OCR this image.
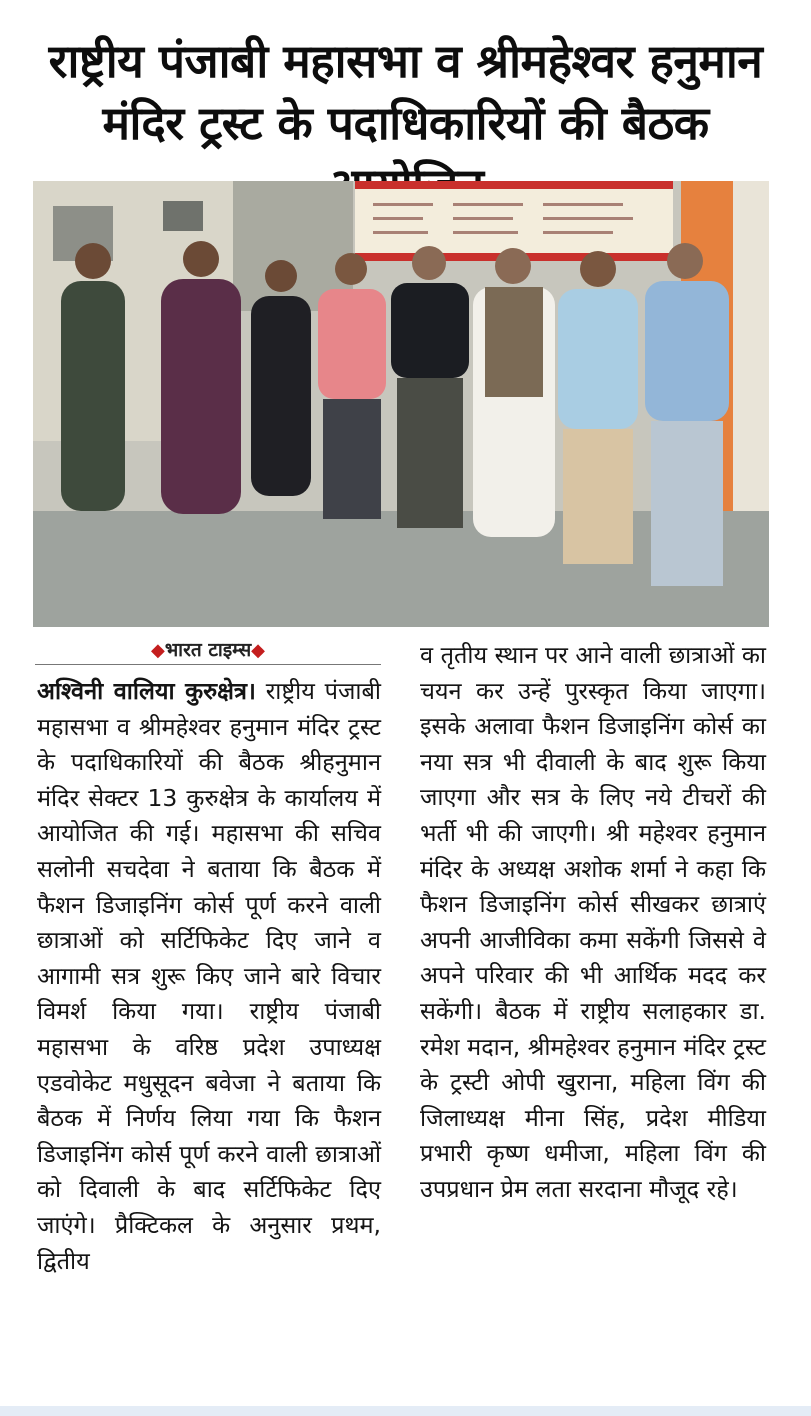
राष्ट्रीय पंजाबी महासभा व श्रीमहेश्वर हनुमान
मंदिर ट्रस्ट के पदाधिकारियों की बैठक
◆भारत टाइम्स◆

अश्विनी वालिया कुरुक्षेत्र। राष्ट्रीय पंजाबी महासभा व श्रीमहेश्वर हनुमान मंदिर ट्रस्ट के पदाधिकारियों की बैठक श्रीहनुमान मंदिर सेक्टर 13 कुरुक्षेत्र के कार्यालय में आयोजित की गई। महासभा की सचिव सलोनी सचदेवा ने बताया कि बैठक में फैशन डिजाइनिंग कोर्स पूर्ण करने वाली छात्राओं को सर्टिफिकेट दिए जाने व आगामी सत्र शुरू किए जाने बारे विचार विमर्श किया गया। राष्ट्रीय पंजाबी महासभा के वरिष्ठ प्रदेश उपाध्यक्ष एडवोकेट मधुसूदन बवेजा ने बताया कि बैठक में निर्णय लिया गया कि फैशन डिजाइनिंग कोर्स पूर्ण करने वाली छात्राओं को दिवाली के बाद सर्टिफिकेट दिए जाएंगे। प्रैक्टिकल के अनुसार प्रथम, द्वितीय

व तृतीय स्थान पर आने वाली छात्राओं का चयन कर उन्हें पुरस्कृत किया जाएगा। इसके अलावा फैशन डिजाइनिंग कोर्स का नया सत्र भी दीवाली के बाद शुरू किया जाएगा और सत्र के लिए नये टीचरों की भर्ती भी की जाएगी। श्री महेश्वर हनुमान मंदिर के अध्यक्ष अशोक शर्मा ने कहा कि फैशन डिजाइनिंग कोर्स सीखकर छात्राएं अपनी आजीविका कमा सकेंगी जिससे वे अपने परिवार की भी आर्थिक मदद कर सकेंगी। बैठक में राष्ट्रीय सलाहकार डा. रमेश मदान, श्रीमहेश्वर हनुमान मंदिर ट्रस्ट के ट्रस्टी ओपी खुराना, महिला विंग की जिलाध्यक्ष मीना सिंह, प्रदेश मीडिया प्रभारी कृष्ण धमीजा, महिला विंग की उपप्रधान प्रेम लता सरदाना मौजूद रहे।
